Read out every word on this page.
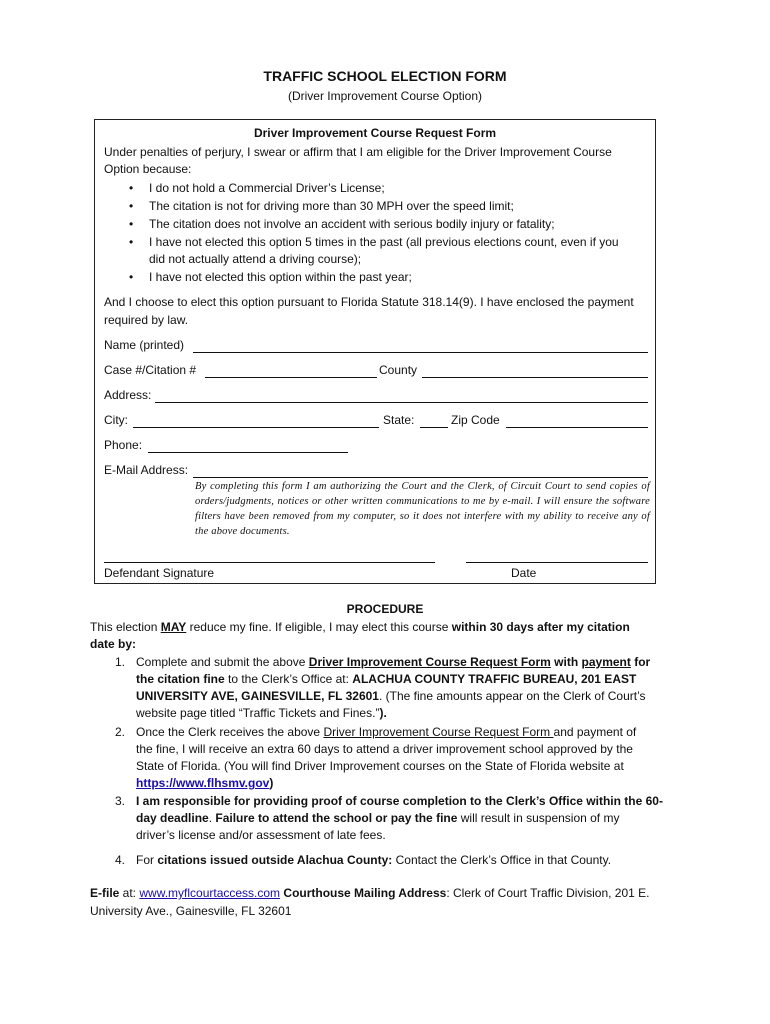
TRAFFIC SCHOOL ELECTION FORM
(Driver Improvement Course Option)
Driver Improvement Course Request Form
Under penalties of perjury, I swear or affirm that I am eligible for the Driver Improvement Course
Option because:
• I do not hold a Commercial Driver’s License;
• The citation is not for driving more than 30 MPH over the speed limit;
• The citation does not involve an accident with serious bodily injury or fatality;
• I have not elected this option 5 times in the past (all previous elections count, even if you
did not actually attend a driving course);
• I have not elected this option within the past year;
And I choose to elect this option pursuant to Florida Statute 318.14(9). I have enclosed the payment
required by law.
Name (printed)
Case #/Citation #	County
Address:
City:	State:	Zip Code
Phone:
E-Mail Address:
By completing this form I am authorizing the Court and the Clerk, of Circuit Court to send copies of orders/judgments, notices or other written communications to me by e-mail. I will ensure the software filters have been removed from my computer, so it does not interfere with my ability to receive any of the above documents.
Defendant Signature	Date
PROCEDURE
This election MAY reduce my fine. If eligible, I may elect this course within 30 days after my citation
date by:
1. Complete and submit the above Driver Improvement Course Request Form with payment for
the citation fine to the Clerk’s Office at: ALACHUA COUNTY TRAFFIC BUREAU, 201 EAST
UNIVERSITY AVE, GAINESVILLE, FL 32601. (The fine amounts appear on the Clerk of Court’s
website page titled “Traffic Tickets and Fines.”).
2. Once the Clerk receives the above Driver Improvement Course Request Form and payment of
the fine, I will receive an extra 60 days to attend a driver improvement school approved by the
State of Florida. (You will find Driver Improvement courses on the State of Florida website at
https://www.flhsmv.gov)
3. I am responsible for providing proof of course completion to the Clerk’s Office within the 60-
day deadline. Failure to attend the school or pay the fine will result in suspension of my
driver’s license and/or assessment of late fees.
4. For citations issued outside Alachua County: Contact the Clerk’s Office in that County.
E-file at: www.myflcourtaccess.com Courthouse Mailing Address: Clerk of Court Traffic Division, 201 E.
University Ave., Gainesville, FL 32601
